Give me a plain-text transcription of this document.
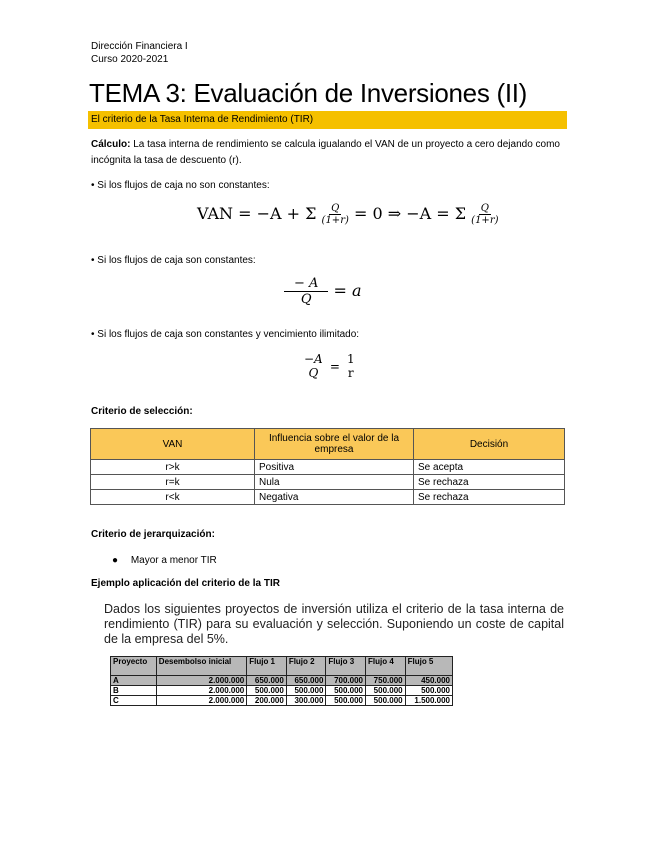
Dirección Financiera I
Curso 2020-2021
TEMA 3: Evaluación de Inversiones (II)
El criterio de la Tasa Interna de Rendimiento (TIR)
Cálculo: La tasa interna de rendimiento se calcula igualando el VAN de un proyecto a cero dejando como incógnita la tasa de descuento (r).
• Si los flujos de caja no son constantes:
VAN = −A + Σ $\frac{Q}{(1+r)} = 0$ ⇒ −A = Σ $\frac{Q}{(1+r)}$
• Si los flujos de caja son constantes:
$\frac{- A}{Q} = a$
• Si los flujos de caja son constantes y vencimiento ilimitado:
−A
Q =
1
r
Criterio de selección:
VAN	Influencia sobre el valor de la empresa	Decisión
r>k	Positiva	Se acepta
r=k	Nula	Se rechaza
r<k	Negativa	Se rechaza
Criterio de jerarquización:
● Mayor a menor TIR
Ejemplo aplicación del criterio de la TIR
Dados los siguientes proyectos de inversión utiliza el criterio de la tasa interna de rendimiento (TIR) para su evaluación y selección. Suponiendo un coste de capital de la empresa del 5%.
Proyecto	Desembolso inicial	Flujo 1	Flujo 2	Flujo 3	Flujo 4	Flujo 5
A	2.000.000	650.000	650.000	700.000	750.000	450.000
B	2.000.000	500.000	500.000	500.000	500.000	500.000
C	2.000.000	200.000	300.000	500.000	500.000	1.500.000
